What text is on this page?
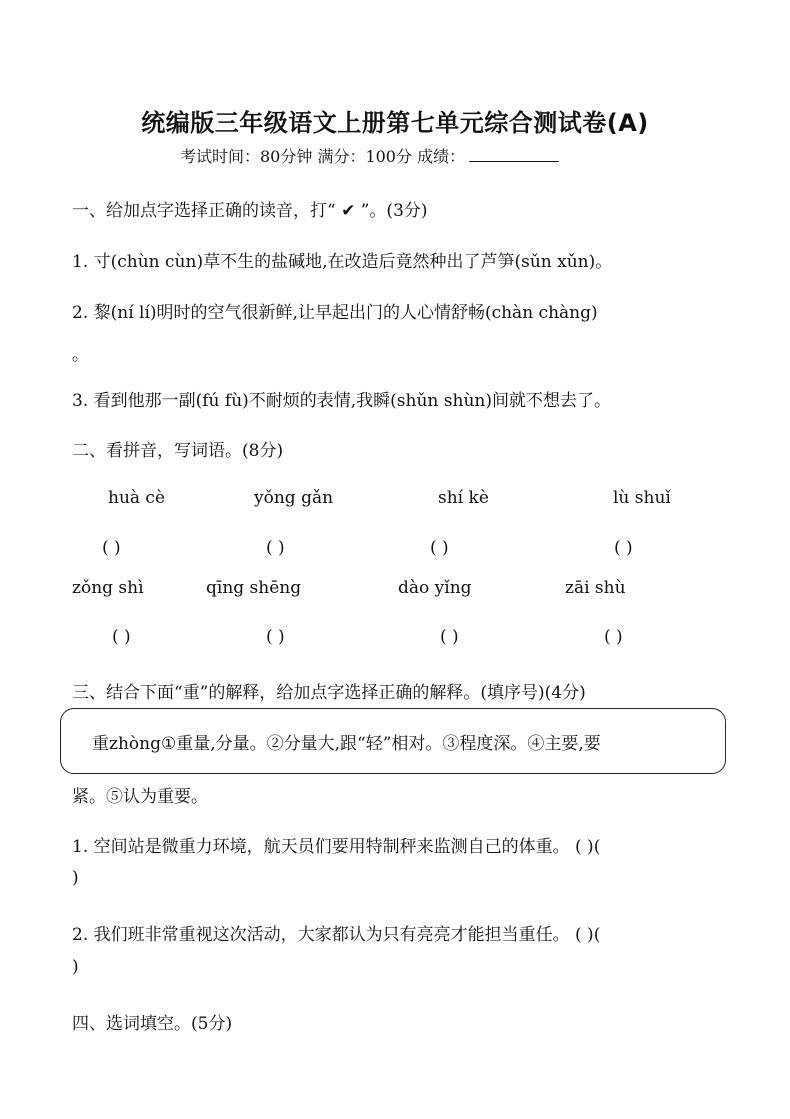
统编版三年级语文上册第七单元综合测试卷(A)
考试时间：80分钟 满分：100分 成绩：
一、给加点字选择正确的读音，打“ ✔ ”。(3分)
1. 寸(chùn cùn)草不生的盐碱地,在改造后竟然种出了芦笋(sǔn xǔn)。
2. 黎(ní lí)明时的空气很新鲜,让早起出门的人心情舒畅(chàn chàng)
。
3. 看到他那一副(fú fù)不耐烦的表情,我瞬(shǔn shùn)间就不想去了。
二、看拼音，写词语。(8分)
huà cè	yǒng gǎn	shí kè	lù shuǐ
( )	( )	( )	( )
zǒng shì	qīng shēng	dào yǐng	zāi shù
( )	( )	( )	( )
三、结合下面“重”的解释，给加点字选择正确的解释。(填序号)(4分)
重zhòng①重量,分量。②分量大,跟“轻”相对。③程度深。④主要,要
紧。⑤认为重要。
1. 空间站是微重力环境，航天员们要用特制秤来监测自己的体重。 ( )(
)
2. 我们班非常重视这次活动，大家都认为只有亮亮才能担当重任。 ( )(
)
四、选词填空。(5分)
